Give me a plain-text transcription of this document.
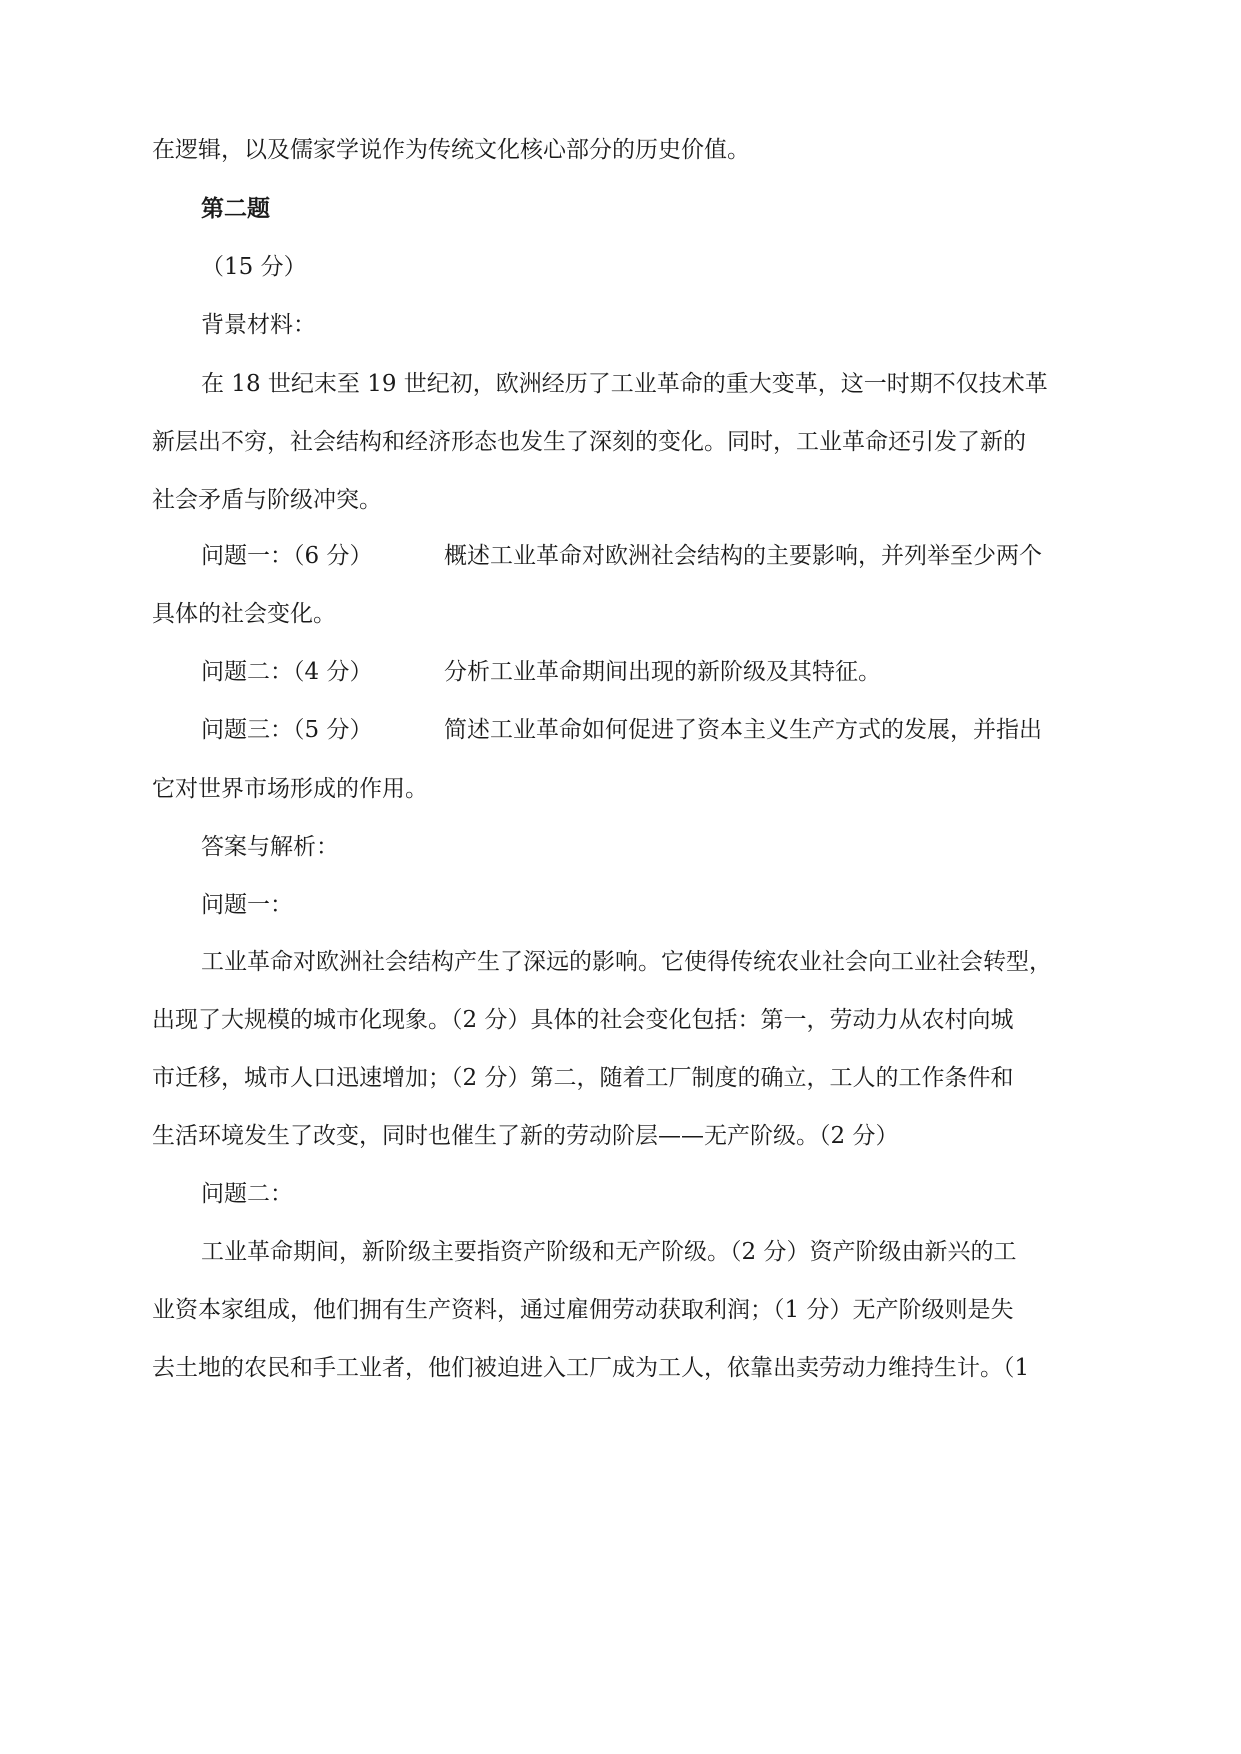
在逻辑，以及儒家学说作为传统文化核心部分的历史价值。
第二题
（15 分）
背景材料：
在 18 世纪末至 19 世纪初，欧洲经历了工业革命的重大变革，这一时期不仅技术革
新层出不穷，社会结构和经济形态也发生了深刻的变化。同时，工业革命还引发了新的
社会矛盾与阶级冲突。
问题一：（6 分）	概述工业革命对欧洲社会结构的主要影响，并列举至少两个
具体的社会变化。
问题二：（4 分）	分析工业革命期间出现的新阶级及其特征。
问题三：（5 分）	简述工业革命如何促进了资本主义生产方式的发展，并指出
它对世界市场形成的作用。
答案与解析：
问题一：
工业革命对欧洲社会结构产生了深远的影响。它使得传统农业社会向工业社会转型，
出现了大规模的城市化现象。（2 分）具体的社会变化包括：第一，劳动力从农村向城
市迁移，城市人口迅速增加；（2 分）第二，随着工厂制度的确立，工人的工作条件和
生活环境发生了改变，同时也催生了新的劳动阶层——无产阶级。（2 分）
问题二：
工业革命期间，新阶级主要指资产阶级和无产阶级。（2 分）资产阶级由新兴的工
业资本家组成，他们拥有生产资料，通过雇佣劳动获取利润；（1 分）无产阶级则是失
去土地的农民和手工业者，他们被迫进入工厂成为工人，依靠出卖劳动力维持生计。（1
